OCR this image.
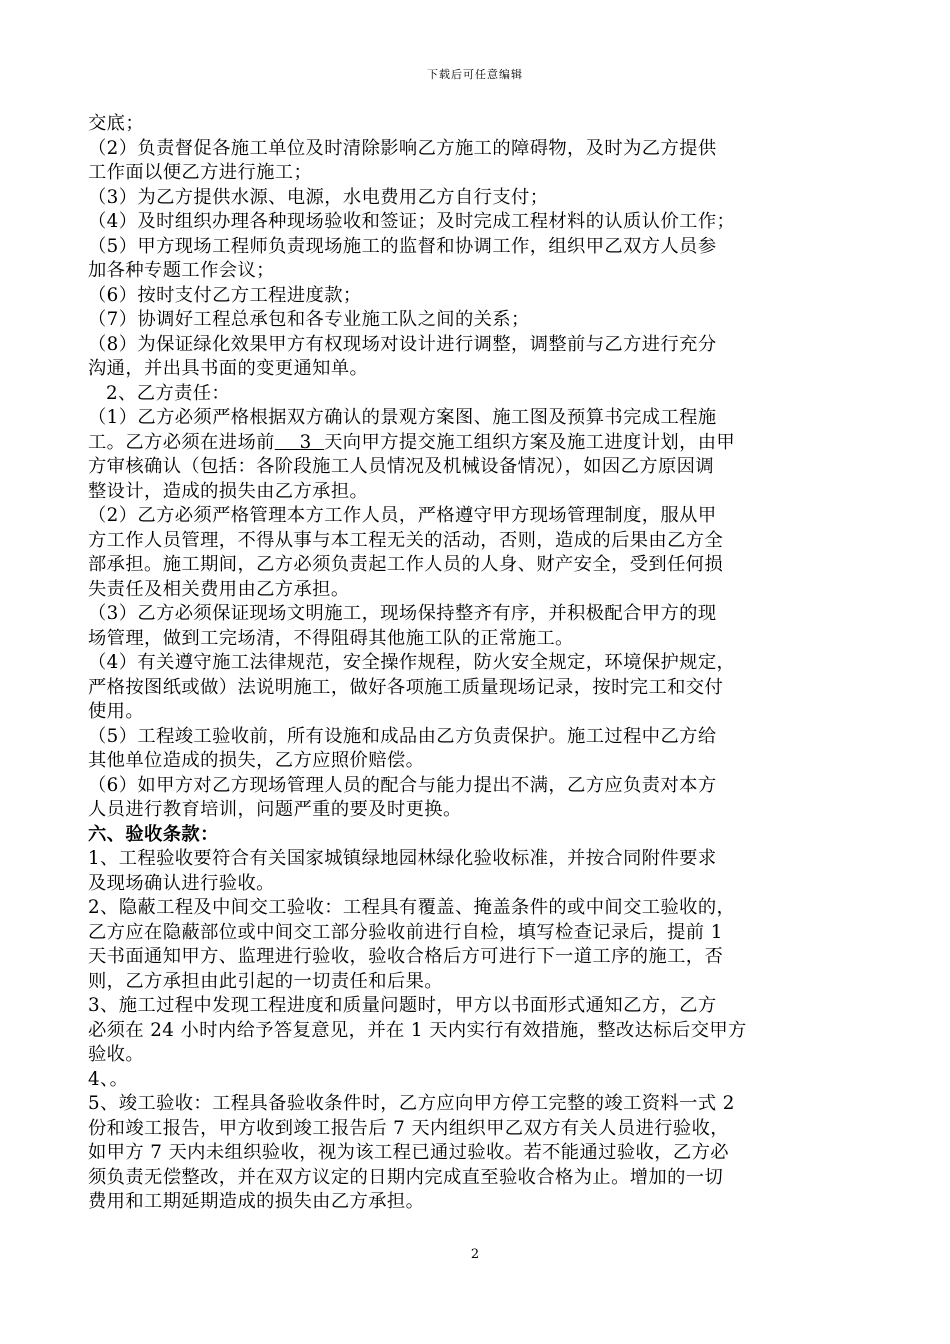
下载后可任意编辑
交底；
（2）负责督促各施工单位及时清除影响乙方施工的障碍物，及时为乙方提供
工作面以便乙方进行施工；
（3）为乙方提供水源、电源，水电费用乙方自行支付；
（4）及时组织办理各种现场验收和签证；及时完成工程材料的认质认价工作；
（5）甲方现场工程师负责现场施工的监督和协调工作，组织甲乙双方人员参
加各种专题工作会议；
（6）按时支付乙方工程进度款；
（7）协调好工程总承包和各专业施工队之间的关系；
（8）为保证绿化效果甲方有权现场对设计进行调整，调整前与乙方进行充分
沟通，并出具书面的变更通知单。
2、乙方责任：
（1）乙方必须严格根据双方确认的景观方案图、施工图及预算书完成工程施
工。乙方必须在进场前    3  天向甲方提交施工组织方案及施工进度计划，由甲
方审核确认（包括：各阶段施工人员情况及机械设备情况），如因乙方原因调
整设计，造成的损失由乙方承担。
（2）乙方必须严格管理本方工作人员，严格遵守甲方现场管理制度，服从甲
方工作人员管理，不得从事与本工程无关的活动，否则，造成的后果由乙方全
部承担。施工期间，乙方必须负责起工作人员的人身、财产安全，受到任何损
失责任及相关费用由乙方承担。
（3）乙方必须保证现场文明施工，现场保持整齐有序，并积极配合甲方的现
场管理，做到工完场清，不得阻碍其他施工队的正常施工。
（4）有关遵守施工法律规范，安全操作规程，防火安全规定，环境保护规定，
严格按图纸或做）法说明施工，做好各项施工质量现场记录，按时完工和交付
使用。
（5）工程竣工验收前，所有设施和成品由乙方负责保护。施工过程中乙方给
其他单位造成的损失，乙方应照价赔偿。
（6）如甲方对乙方现场管理人员的配合与能力提出不满，乙方应负责对本方
人员进行教育培训，问题严重的要及时更换。
六、验收条款：
1、工程验收要符合有关国家城镇绿地园林绿化验收标准，并按合同附件要求
及现场确认进行验收。
2、隐蔽工程及中间交工验收：工程具有覆盖、掩盖条件的或中间交工验收的，
乙方应在隐蔽部位或中间交工部分验收前进行自检，填写检查记录后，提前 1
天书面通知甲方、监理进行验收，验收合格后方可进行下一道工序的施工，否
则，乙方承担由此引起的一切责任和后果。
3、施工过程中发现工程进度和质量问题时，甲方以书面形式通知乙方，乙方
必须在 24 小时内给予答复意见，并在 1 天内实行有效措施，整改达标后交甲方
验收。
4、。
5、竣工验收：工程具备验收条件时，乙方应向甲方停工完整的竣工资料一式 2
份和竣工报告，甲方收到竣工报告后 7 天内组织甲乙双方有关人员进行验收，
如甲方 7 天内未组织验收，视为该工程已通过验收。若不能通过验收，乙方必
须负责无偿整改，并在双方议定的日期内完成直至验收合格为止。增加的一切
费用和工期延期造成的损失由乙方承担。
2
